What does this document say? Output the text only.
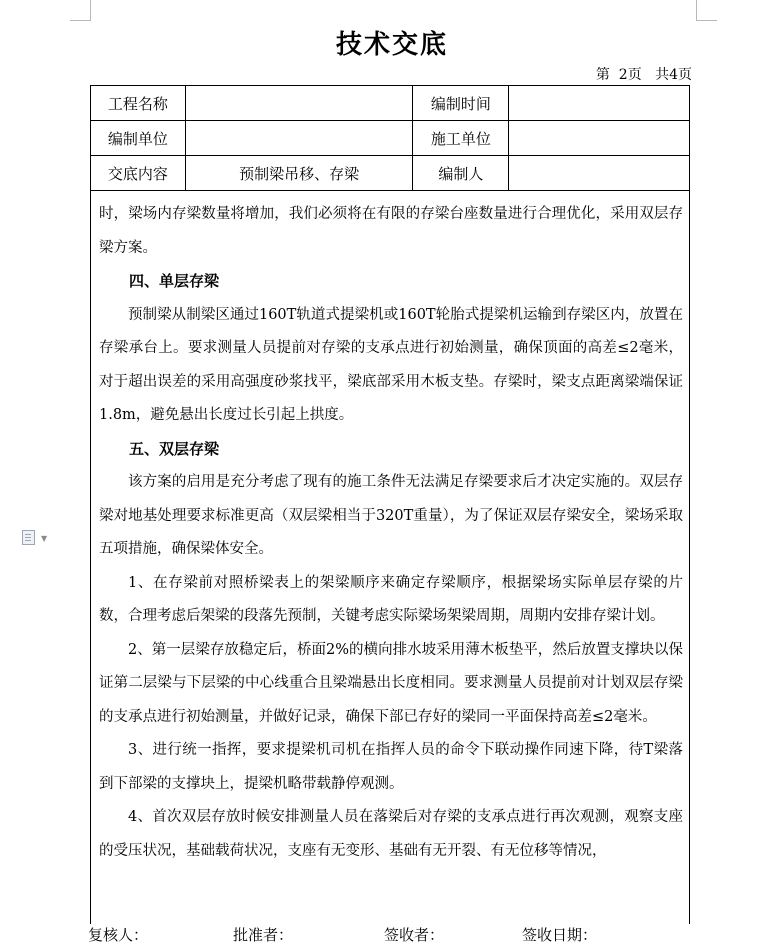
技术交底
第  2页 共4页
工程名称		编制时间	
编制单位		施工单位	
交底内容	预制梁吊移、存梁	编制人	

时，梁场内存梁数量将增加，我们必须将在有限的存梁台座数量进行合理优化，采用双层存梁方案。

四、单层存梁

预制梁从制梁区通过160T轨道式提梁机或160T轮胎式提梁机运输到存梁区内，放置在存梁承台上。要求测量人员提前对存梁的支承点进行初始测量，确保顶面的高差≤2毫米，对于超出误差的采用高强度砂浆找平，梁底部采用木板支垫。存梁时，梁支点距离梁端保证1.8m，避免悬出长度过长引起上拱度。

五、双层存梁

该方案的启用是充分考虑了现有的施工条件无法满足存梁要求后才决定实施的。双层存梁对地基处理要求标准更高（双层梁相当于320T重量），为了保证双层存梁安全，梁场采取五项措施，确保梁体安全。

1、在存梁前对照桥梁表上的架梁顺序来确定存梁顺序，根据梁场实际单层存梁的片数，合理考虑后架梁的段落先预制，关键考虑实际梁场架梁周期，周期内安排存梁计划。

2、第一层梁存放稳定后，桥面2%的横向排水坡采用薄木板垫平，然后放置支撑块以保证第二层梁与下层梁的中心线重合且梁端悬出长度相同。要求测量人员提前对计划双层存梁的支承点进行初始测量，并做好记录，确保下部已存好的梁同一平面保持高差≤2毫米。

3、进行统一指挥，要求提梁机司机在指挥人员的命令下联动操作同速下降，待T梁落到下部梁的支撑块上，提梁机略带载静停观测。

4、首次双层存放时候安排测量人员在落梁后对存梁的支承点进行再次观测，观察支座的受压状况，基础载荷状况，支座有无变形、基础有无开裂、有无位移等情况，

▼
复核人：	批准者：	签收者：	签收日期：
